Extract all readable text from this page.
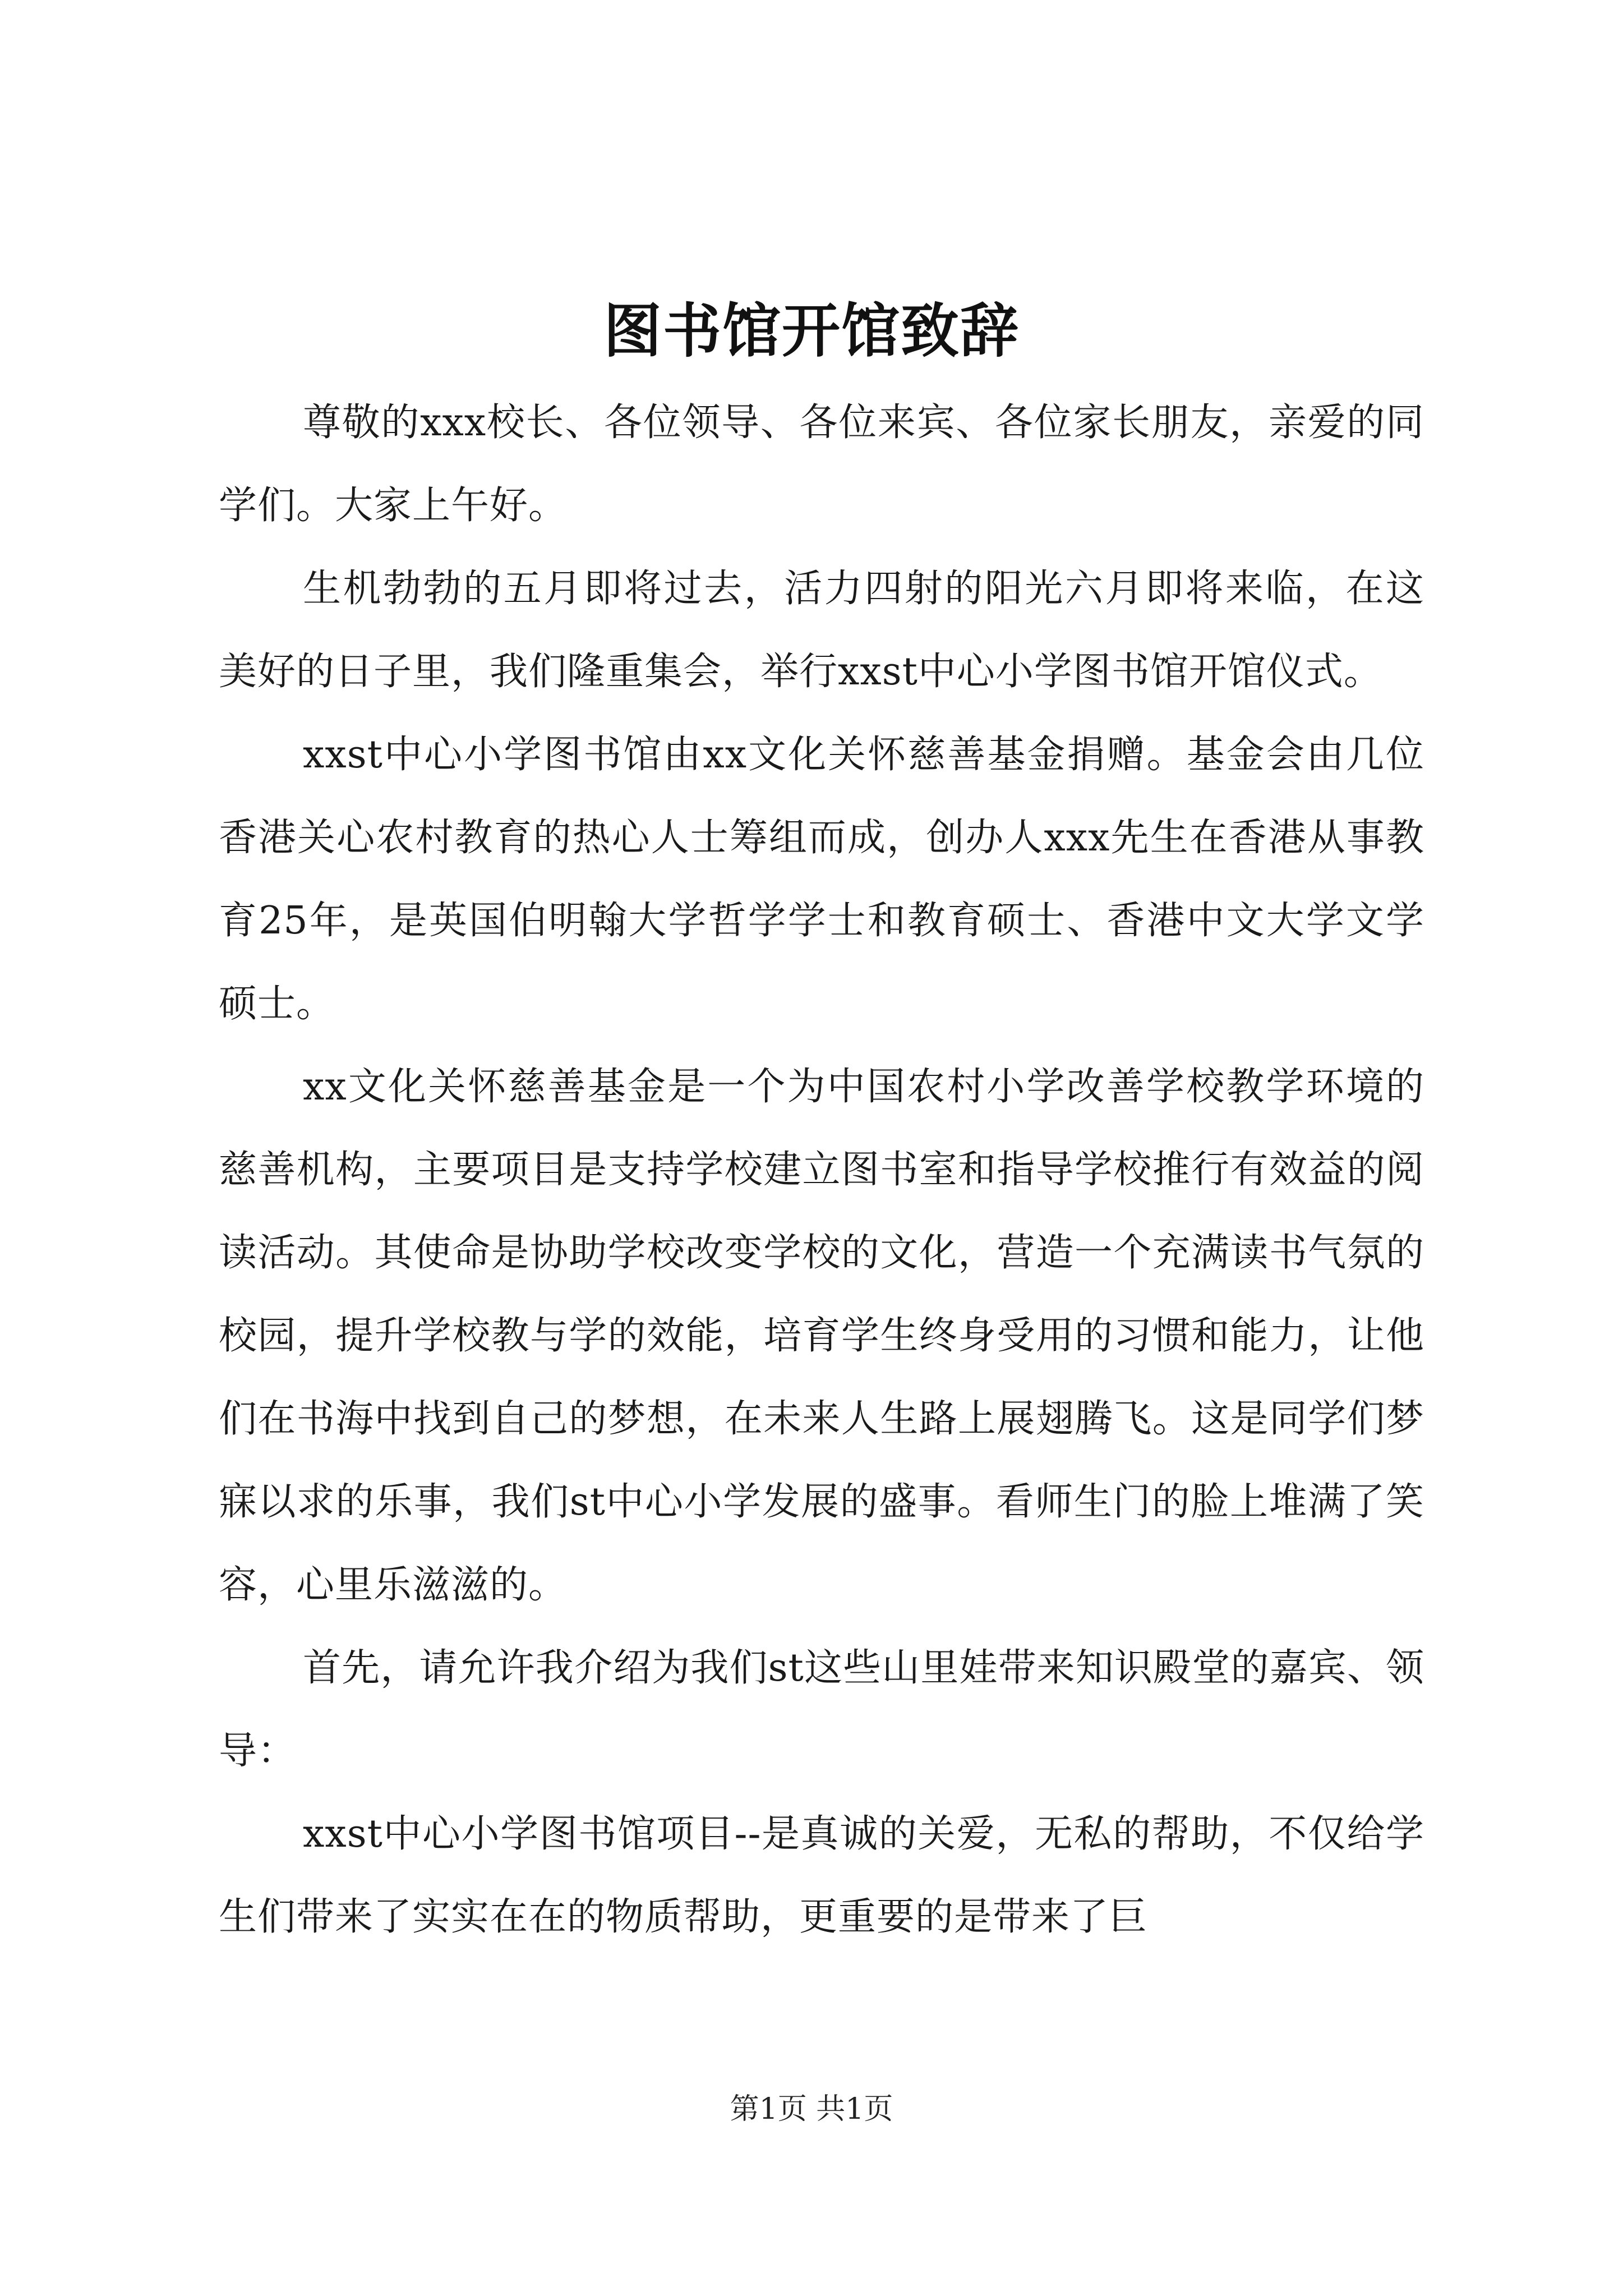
图书馆开馆致辞

尊敬的xxx校长、各位领导、各位来宾、各位家长朋友，亲爱的同学们。大家上午好。

生机勃勃的五月即将过去，活力四射的阳光六月即将来临，在这美好的日子里，我们隆重集会，举行xxst中心小学图书馆开馆仪式。

xxst中心小学图书馆由xx文化关怀慈善基金捐赠。基金会由几位香港关心农村教育的热心人士筹组而成，创办人xxx先生在香港从事教育25年，是英国伯明翰大学哲学学士和教育硕士、香港中文大学文学硕士。

xx文化关怀慈善基金是一个为中国农村小学改善学校教学环境的慈善机构，主要项目是支持学校建立图书室和指导学校推行有效益的阅读活动。其使命是协助学校改变学校的文化，营造一个充满读书气氛的校园，提升学校教与学的效能，培育学生终身受用的习惯和能力，让他们在书海中找到自己的梦想，在未来人生路上展翅腾飞。这是同学们梦寐以求的乐事，我们st中心小学发展的盛事。看师生门的脸上堆满了笑容，心里乐滋滋的。

首先，请允许我介绍为我们st这些山里娃带来知识殿堂的嘉宾、领导：

xxst中心小学图书馆项目--是真诚的关爱，无私的帮助，不仅给学生们带来了实实在在的物质帮助，更重要的是带来了巨

第1页 共1页
